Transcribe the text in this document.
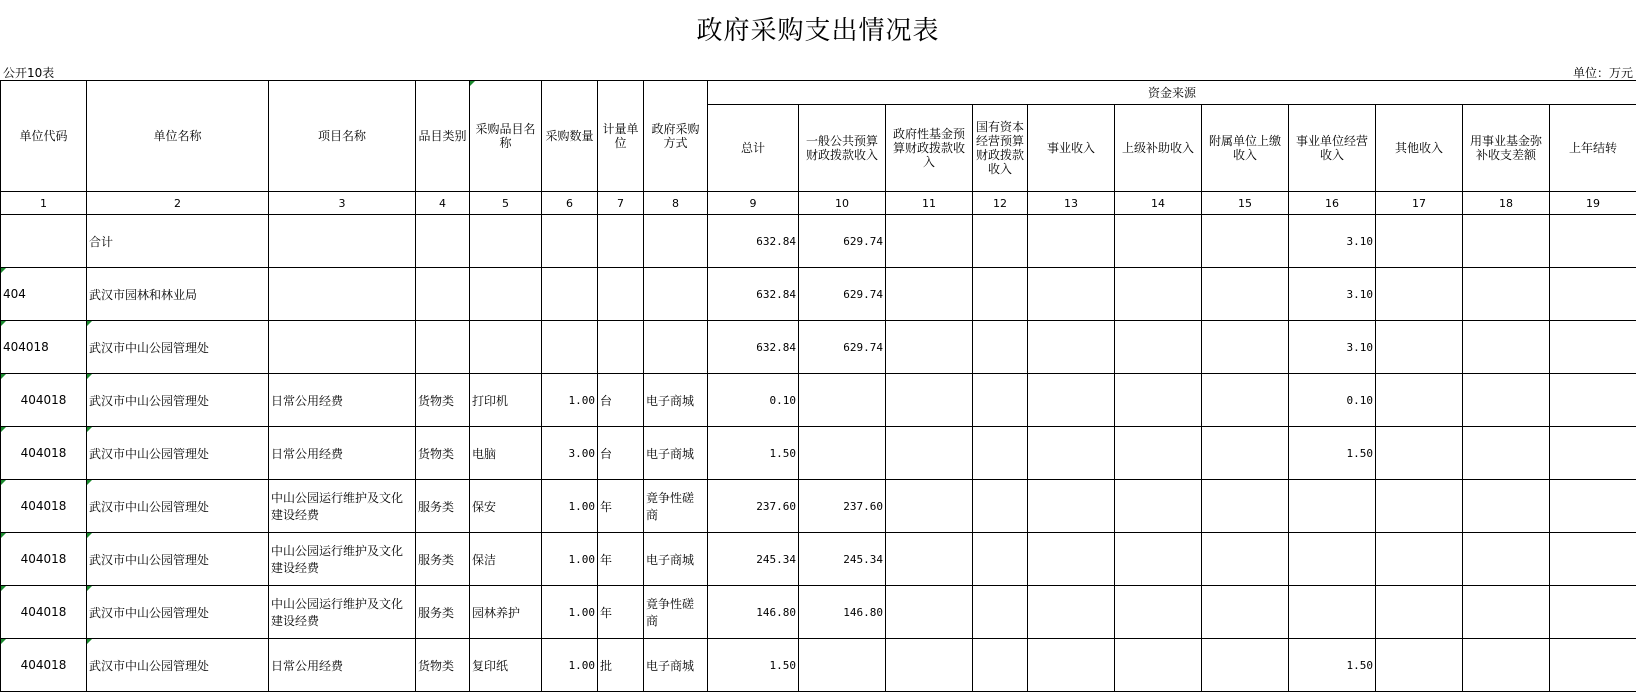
政府采购支出情况表
公开10表	单位：万元
单位代码	单位名称	项目名称	品目类别	采购品目名称	采购数量	计量单位	政府采购方式	资金来源										
								总计	一般公共预算财政拨款收入	政府性基金预算财政拨款收入	国有资本经营预算财政拨款收入	事业收入	上级补助收入	附属单位上缴收入	事业单位经营收入	其他收入	用事业基金弥补收支差额	上年结转
1	2	3	4	5	6	7	8	9	10	11	12	13	14	15	16	17	18	19
	合计							632.84	629.74						3.10			
404	武汉市园林和林业局							632.84	629.74						3.10			
404018	武汉市中山公园管理处							632.84	629.74						3.10			
404018	武汉市中山公园管理处	日常公用经费	货物类	打印机	1.00	台	电子商城	0.10							0.10			
404018	武汉市中山公园管理处	日常公用经费	货物类	电脑	3.00	台	电子商城	1.50							1.50			
404018	武汉市中山公园管理处	中山公园运行维护及文化建设经费	服务类	保安	1.00	年	竟争性磋商	237.60	237.60									
404018	武汉市中山公园管理处	中山公园运行维护及文化建设经费	服务类	保洁	1.00	年	电子商城	245.34	245.34									
404018	武汉市中山公园管理处	中山公园运行维护及文化建设经费	服务类	园林养护	1.00	年	竟争性磋商	146.80	146.80									
404018	武汉市中山公园管理处	日常公用经费	货物类	复印纸	1.00	批	电子商城	1.50							1.50			
